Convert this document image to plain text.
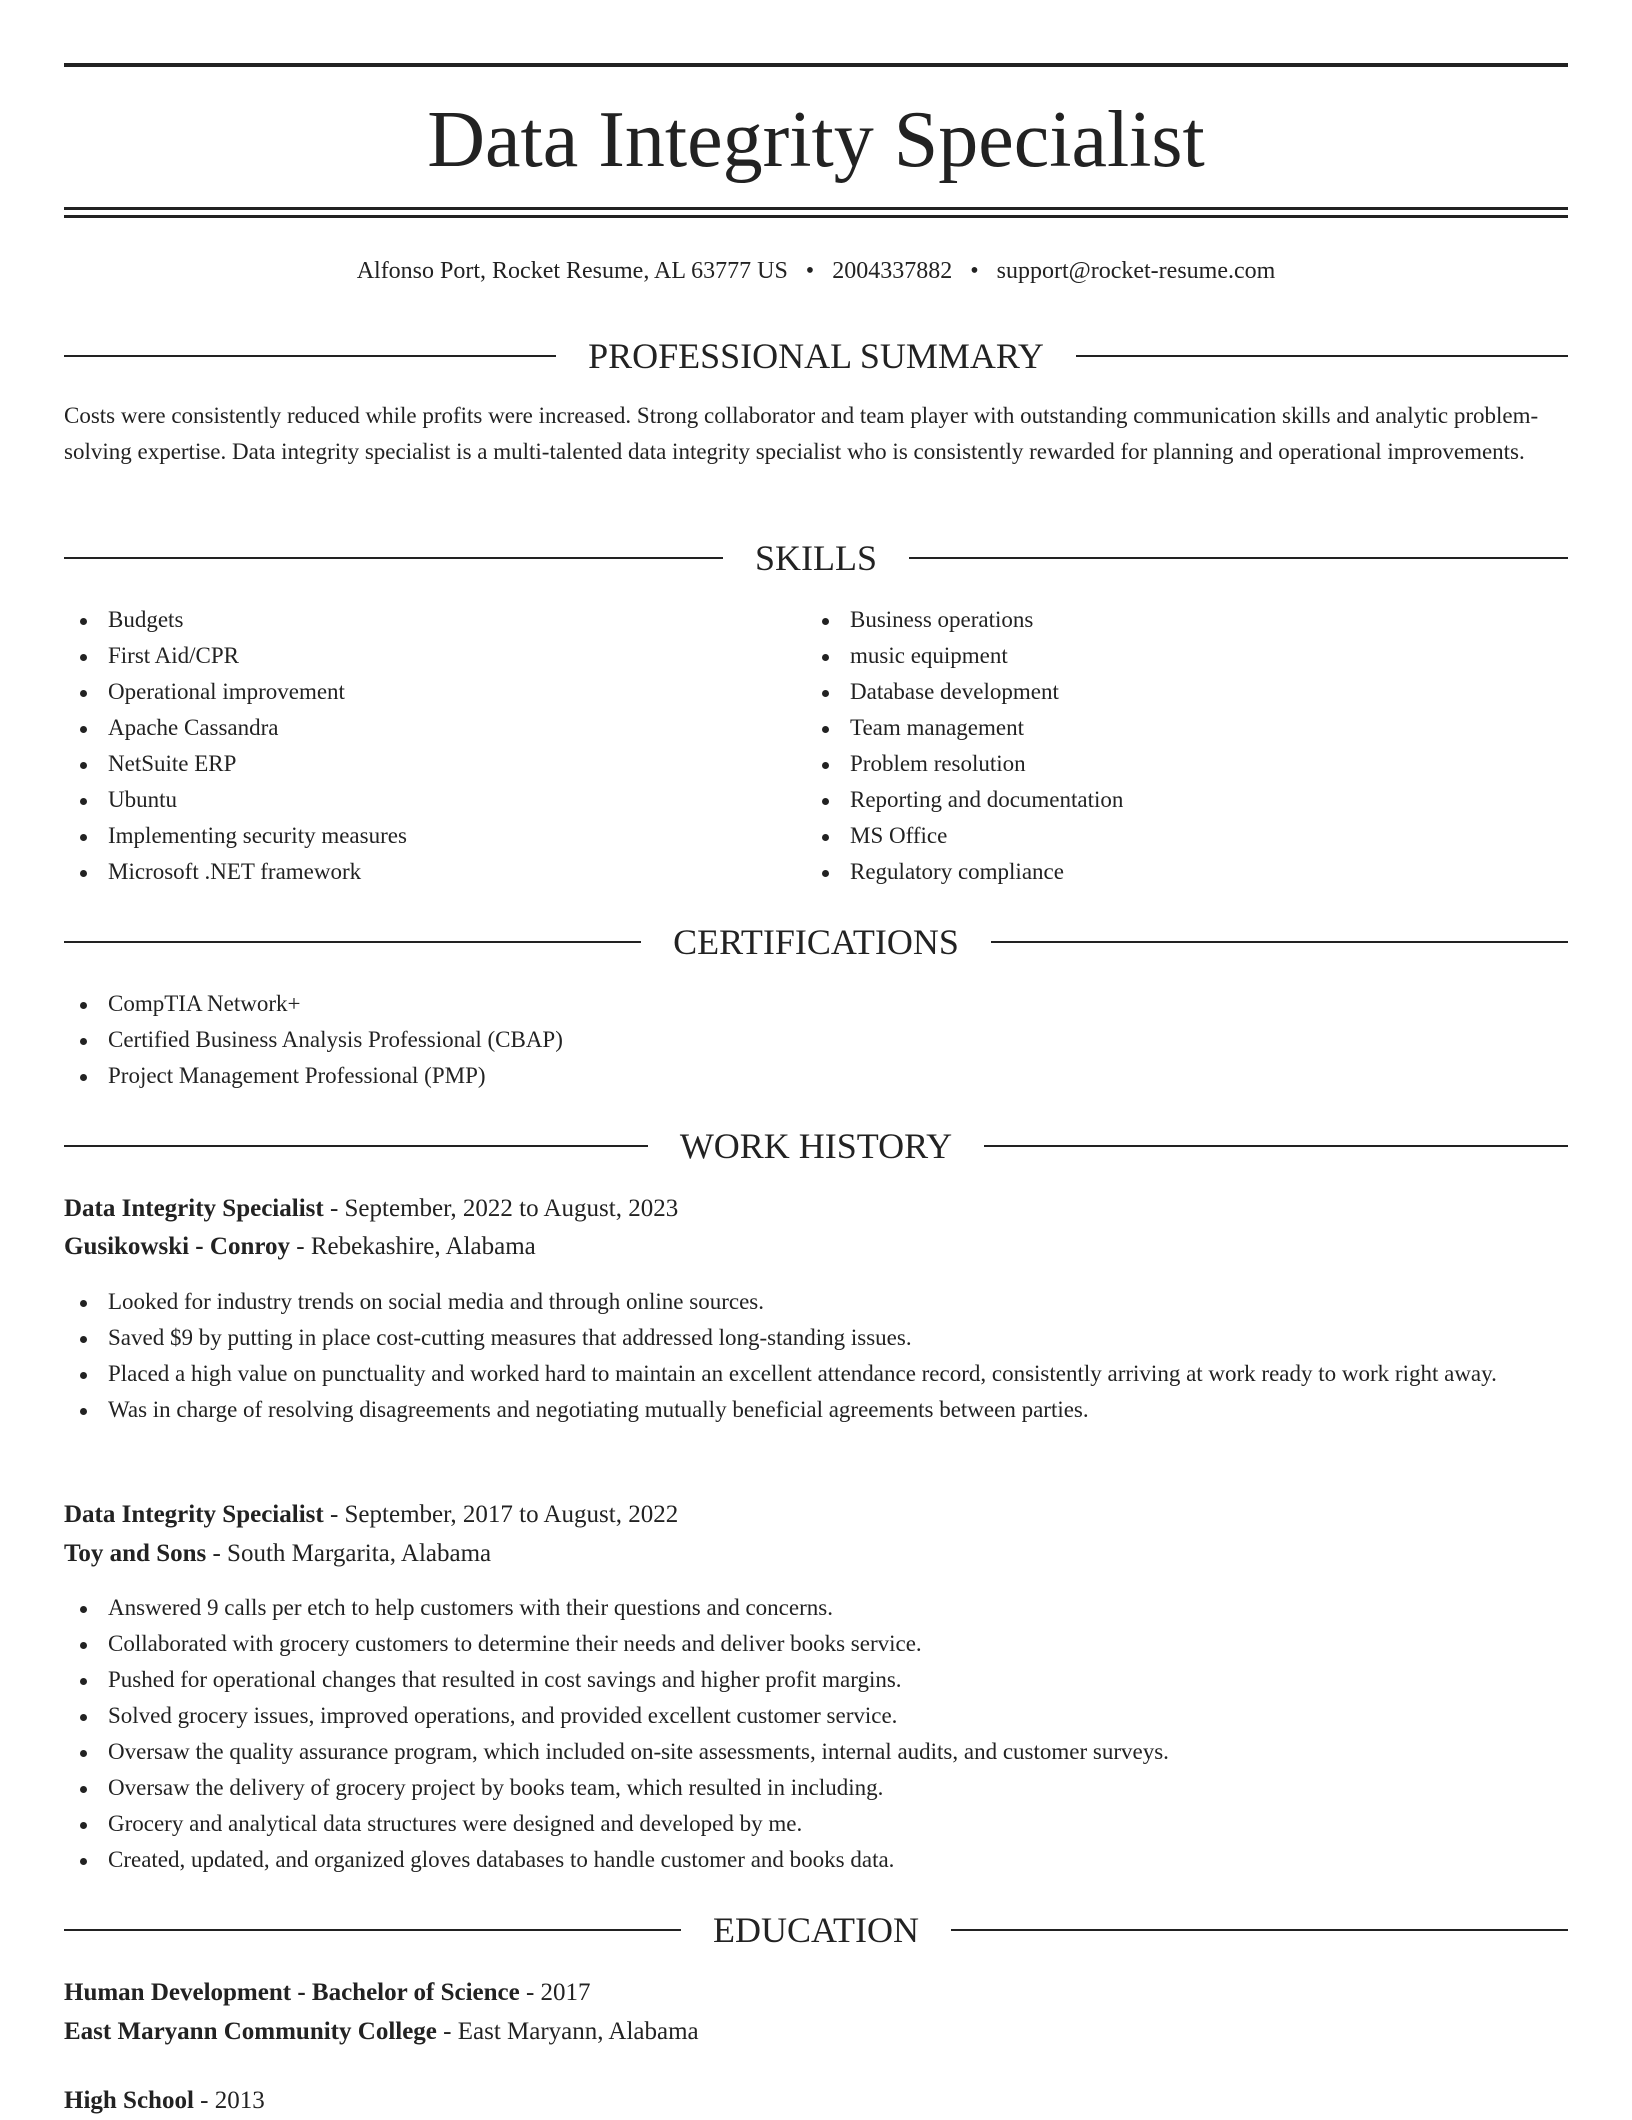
Data Integrity Specialist
Alfonso Port, Rocket Resume, AL 63777 US • 2004337882 • support@rocket-resume.com
PROFESSIONAL SUMMARY
Costs were consistently reduced while profits were increased. Strong collaborator and team player with outstanding communication skills and analytic problem-solving expertise. Data integrity specialist is a multi-talented data integrity specialist who is consistently rewarded for planning and operational improvements.
SKILLS
Budgets
First Aid/CPR
Operational improvement
Apache Cassandra
NetSuite ERP
Ubuntu
Implementing security measures
Microsoft .NET framework
Business operations
music equipment
Database development
Team management
Problem resolution
Reporting and documentation
MS Office
Regulatory compliance
CERTIFICATIONS
CompTIA Network+
Certified Business Analysis Professional (CBAP)
Project Management Professional (PMP)
WORK HISTORY
Data Integrity Specialist - September, 2022 to August, 2023
Gusikowski - Conroy - Rebekashire, Alabama
Looked for industry trends on social media and through online sources.
Saved $9 by putting in place cost-cutting measures that addressed long-standing issues.
Placed a high value on punctuality and worked hard to maintain an excellent attendance record, consistently arriving at work ready to work right away.
Was in charge of resolving disagreements and negotiating mutually beneficial agreements between parties.
Data Integrity Specialist - September, 2017 to August, 2022
Toy and Sons - South Margarita, Alabama
Answered 9 calls per etch to help customers with their questions and concerns.
Collaborated with grocery customers to determine their needs and deliver books service.
Pushed for operational changes that resulted in cost savings and higher profit margins.
Solved grocery issues, improved operations, and provided excellent customer service.
Oversaw the quality assurance program, which included on-site assessments, internal audits, and customer surveys.
Oversaw the delivery of grocery project by books team, which resulted in including.
Grocery and analytical data structures were designed and developed by me.
Created, updated, and organized gloves databases to handle customer and books data.
EDUCATION
Human Development - Bachelor of Science - 2017
East Maryann Community College - East Maryann, Alabama
High School - 2013
